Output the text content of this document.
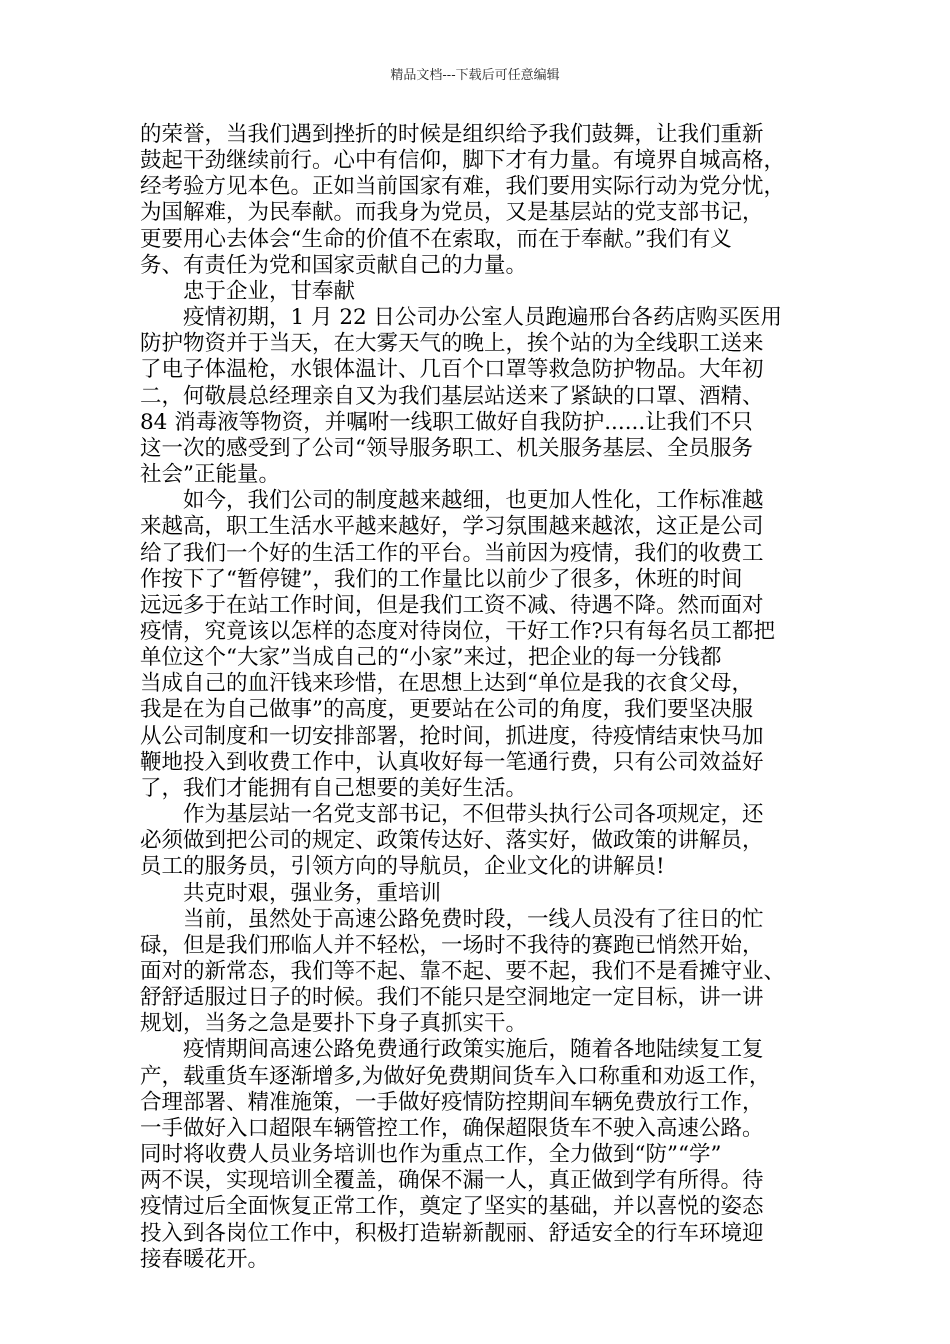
精品文档---下载后可任意编辑

的荣誉，当我们遇到挫折的时候是组织给予我们鼓舞，让我们重新

鼓起干劲继续前行。心中有信仰，脚下才有力量。有境界自城高格，

经考验方见本色。正如当前国家有难，我们要用实际行动为党分忧，

为国解难，为民奉献。而我身为党员，又是基层站的党支部书记，

更要用心去体会“生命的价值不在索取，而在于奉献。”我们有义

务、有责任为党和国家贡献自己的力量。

忠于企业，甘奉献

疫情初期，1 月 22 日公司办公室人员跑遍邢台各药店购买医用

防护物资并于当天，在大雾天气的晚上，挨个站的为全线职工送来

了电子体温枪，水银体温计、几百个口罩等救急防护物品。大年初

二，何敬晨总经理亲自又为我们基层站送来了紧缺的口罩、酒精、

84 消毒液等物资，并嘱咐一线职工做好自我防护......让我们不只

这一次的感受到了公司“领导服务职工、机关服务基层、全员服务

社会”正能量。

如今，我们公司的制度越来越细，也更加人性化，工作标准越

来越高，职工生活水平越来越好，学习氛围越来越浓，这正是公司

给了我们一个好的生活工作的平台。当前因为疫情，我们的收费工

作按下了“暂停键”，我们的工作量比以前少了很多，休班的时间

远远多于在站工作时间，但是我们工资不减、待遇不降。然而面对

疫情，究竟该以怎样的态度对待岗位，干好工作?只有每名员工都把

单位这个“大家”当成自己的“小家”来过，把企业的每一分钱都

当成自己的血汗钱来珍惜，在思想上达到“单位是我的衣食父母，

我是在为自己做事”的高度，更要站在公司的角度，我们要坚决服

从公司制度和一切安排部署，抢时间，抓进度，待疫情结束快马加

鞭地投入到收费工作中，认真收好每一笔通行费，只有公司效益好

了，我们才能拥有自己想要的美好生活。

作为基层站一名党支部书记，不但带头执行公司各项规定，还

必须做到把公司的规定、政策传达好、落实好，做政策的讲解员，

员工的服务员，引领方向的导航员，企业文化的讲解员!

共克时艰，强业务，重培训

当前，虽然处于高速公路免费时段，一线人员没有了往日的忙

碌，但是我们邢临人并不轻松，一场时不我待的赛跑已悄然开始，

面对的新常态，我们等不起、靠不起、要不起，我们不是看摊守业、

舒舒适服过日子的时候。我们不能只是空洞地定一定目标，讲一讲

规划，当务之急是要扑下身子真抓实干。

疫情期间高速公路免费通行政策实施后，随着各地陆续复工复

产，载重货车逐渐增多,为做好免费期间货车入口称重和劝返工作，

合理部署、精准施策，一手做好疫情防控期间车辆免费放行工作，

一手做好入口超限车辆管控工作，确保超限货车不驶入高速公路。

同时将收费人员业务培训也作为重点工作，全力做到“防”“学”

两不误，实现培训全覆盖，确保不漏一人，真正做到学有所得。待

疫情过后全面恢复正常工作，奠定了坚实的基础，并以喜悦的姿态

投入到各岗位工作中，积极打造崭新靓丽、舒适安全的行车环境迎

接春暖花开。
